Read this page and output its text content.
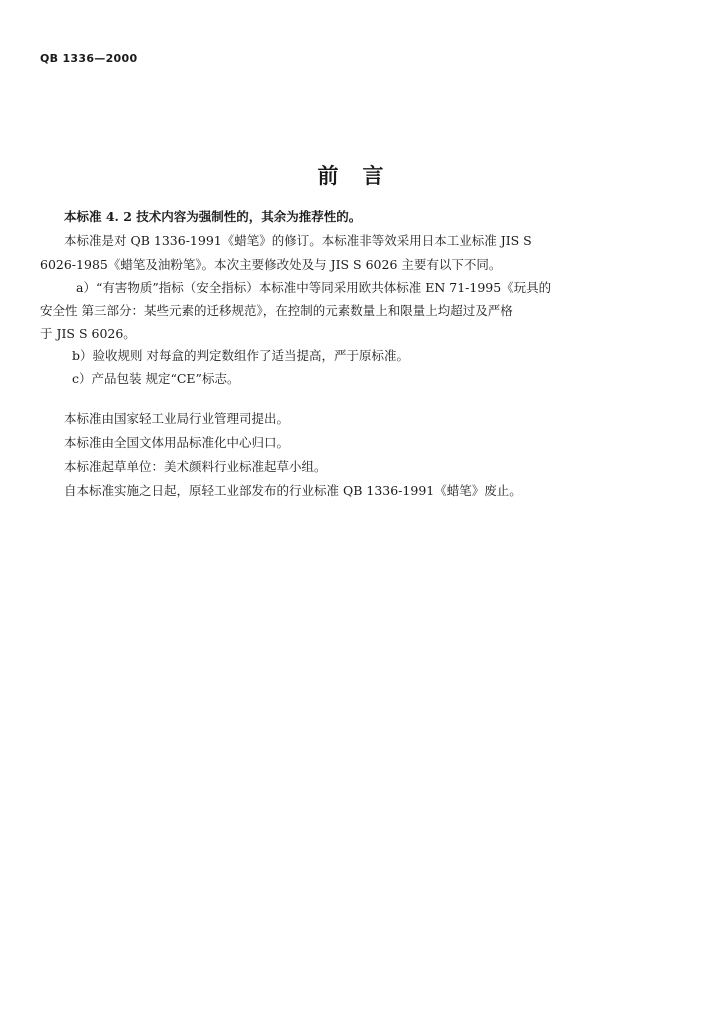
QB 1336—2000
前 言
本标准 4. 2 技术内容为强制性的，其余为推荐性的。
本标准是对 QB 1336-1991《蜡笔》的修订。本标准非等效采用日本工业标准 JIS S
6026-1985《蜡笔及油粉笔》。本次主要修改处及与 JIS S 6026 主要有以下不同。
a）“有害物质”指标（安全指标）本标准中等同采用欧共体标准 EN 71-1995《玩具的
安全性 第三部分：某些元素的迁移规范》，在控制的元素数量上和限量上均超过及严格
于 JIS S 6026。
b）验收规则 对每盒的判定数组作了适当提高，严于原标准。
c）产品包装 规定“CE”标志。
本标准由国家轻工业局行业管理司提出。
本标准由全国文体用品标准化中心归口。
本标准起草单位：美术颜料行业标准起草小组。
自本标准实施之日起，原轻工业部发布的行业标准 QB 1336-1991《蜡笔》废止。
